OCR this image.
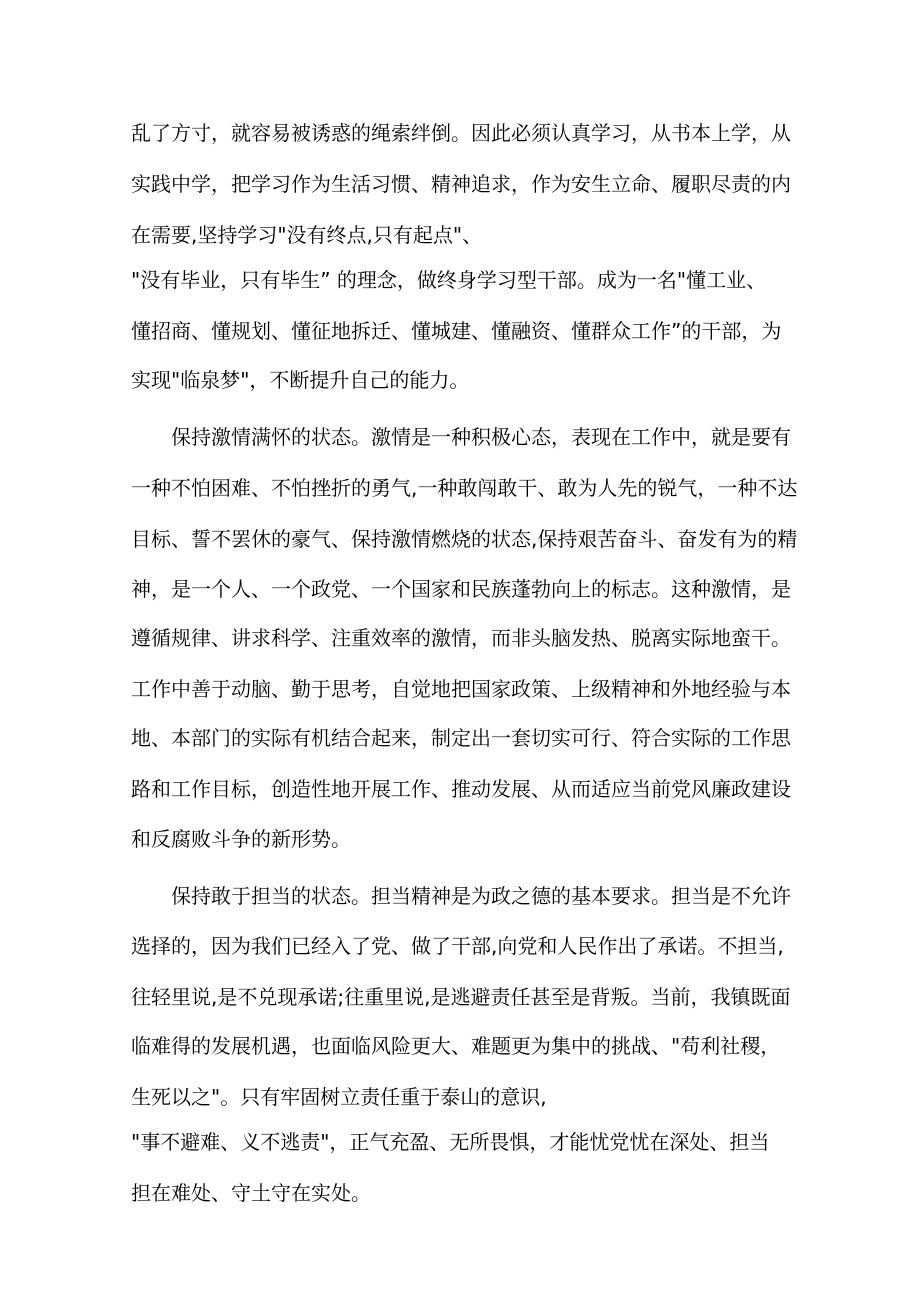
乱了方寸，就容易被诱惑的绳索绊倒。因此必须认真学习，从书本上学，从

实践中学，把学习作为生活习惯、精神追求，作为安生立命、履职尽责的内

在需要,坚持学习"没有终点,只有起点"、

"没有毕业，只有毕生” 的理念，做终身学习型干部。成为一名"懂工业、

懂招商、懂规划、懂征地拆迁、懂城建、懂融资、懂群众工作”的干部，为

实现"临泉梦"，不断提升自己的能力。

保持激情满怀的状态。激情是一种积极心态，表现在工作中，就是要有

一种不怕困难、不怕挫折的勇气,一种敢闯敢干、敢为人先的锐气，一种不达

目标、誓不罢休的豪气、保持激情燃烧的状态,保持艰苦奋斗、奋发有为的精

神，是一个人、一个政党、一个国家和民族蓬勃向上的标志。这种激情，是

遵循规律、讲求科学、注重效率的激情，而非头脑发热、脱离实际地蛮干。

工作中善于动脑、勤于思考，自觉地把国家政策、上级精神和外地经验与本

地、本部门的实际有机结合起来，制定出一套切实可行、符合实际的工作思

路和工作目标，创造性地开展工作、推动发展、从而适应当前党风廉政建设

和反腐败斗争的新形势。

保持敢于担当的状态。担当精神是为政之德的基本要求。担当是不允许

选择的，因为我们已经入了党、做了干部,向党和人民作出了承诺。不担当,

往轻里说,是不兑现承诺;往重里说,是逃避责任甚至是背叛。当前，我镇既面

临难得的发展机遇，也面临风险更大、难题更为集中的挑战、"苟利社稷，

生死以之"。只有牢固树立责任重于泰山的意识,

"事不避难、义不逃责"，正气充盈、无所畏惧，才能忧党忧在深处、担当

担在难处、守土守在实处。
